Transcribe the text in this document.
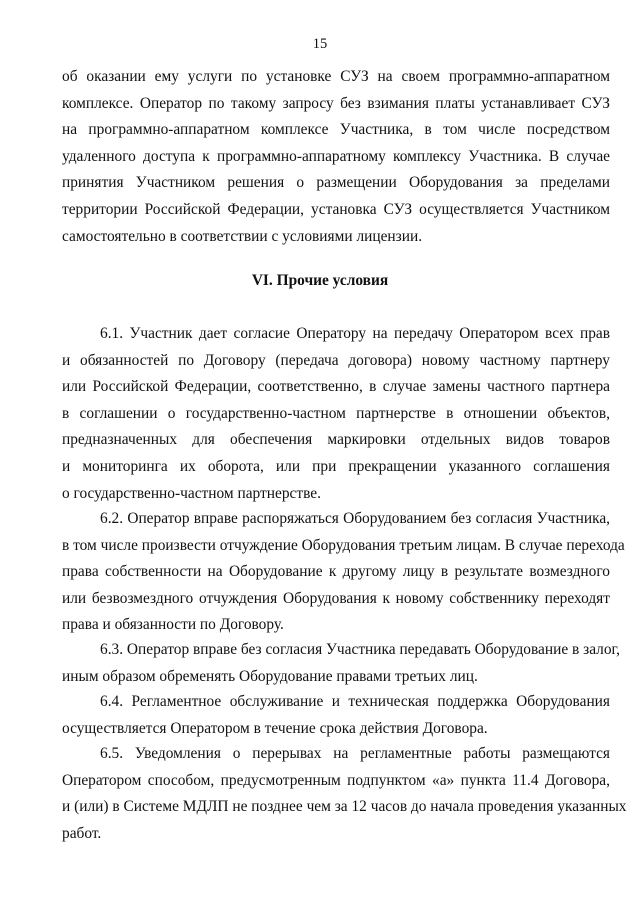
15
об оказании ему услуги по установке СУЗ на своем программно-аппаратном
комплексе. Оператор по такому запросу без взимания платы устанавливает СУЗ
на программно-аппаратном комплексе Участника, в том числе посредством
удаленного доступа к программно-аппаратному комплексу Участника. В случае
принятия Участником решения о размещении Оборудования за пределами
территории Российской Федерации, установка СУЗ осуществляется Участником
самостоятельно в соответствии с условиями лицензии.
VI. Прочие условия
6.1. Участник дает согласие Оператору на передачу Оператором всех прав
и обязанностей по Договору (передача договора) новому частному партнеру
или Российской Федерации, соответственно, в случае замены частного партнера
в соглашении о государственно-частном партнерстве в отношении объектов,
предназначенных для обеспечения маркировки отдельных видов товаров
и мониторинга их оборота, или при прекращении указанного соглашения
о государственно-частном партнерстве.
6.2. Оператор вправе распоряжаться Оборудованием без согласия Участника,
в том числе произвести отчуждение Оборудования третьим лицам. В случае перехода
права собственности на Оборудование к другому лицу в результате возмездного
или безвозмездного отчуждения Оборудования к новому собственнику переходят
права и обязанности по Договору.
6.3. Оператор вправе без согласия Участника передавать Оборудование в залог,
иным образом обременять Оборудование правами третьих лиц.
6.4. Регламентное обслуживание и техническая поддержка Оборудования
осуществляется Оператором в течение срока действия Договора.
6.5. Уведомления о перерывах на регламентные работы размещаются
Оператором способом, предусмотренным подпунктом «а» пункта 11.4 Договора,
и (или) в Системе МДЛП не позднее чем за 12 часов до начала проведения указанных
работ.
